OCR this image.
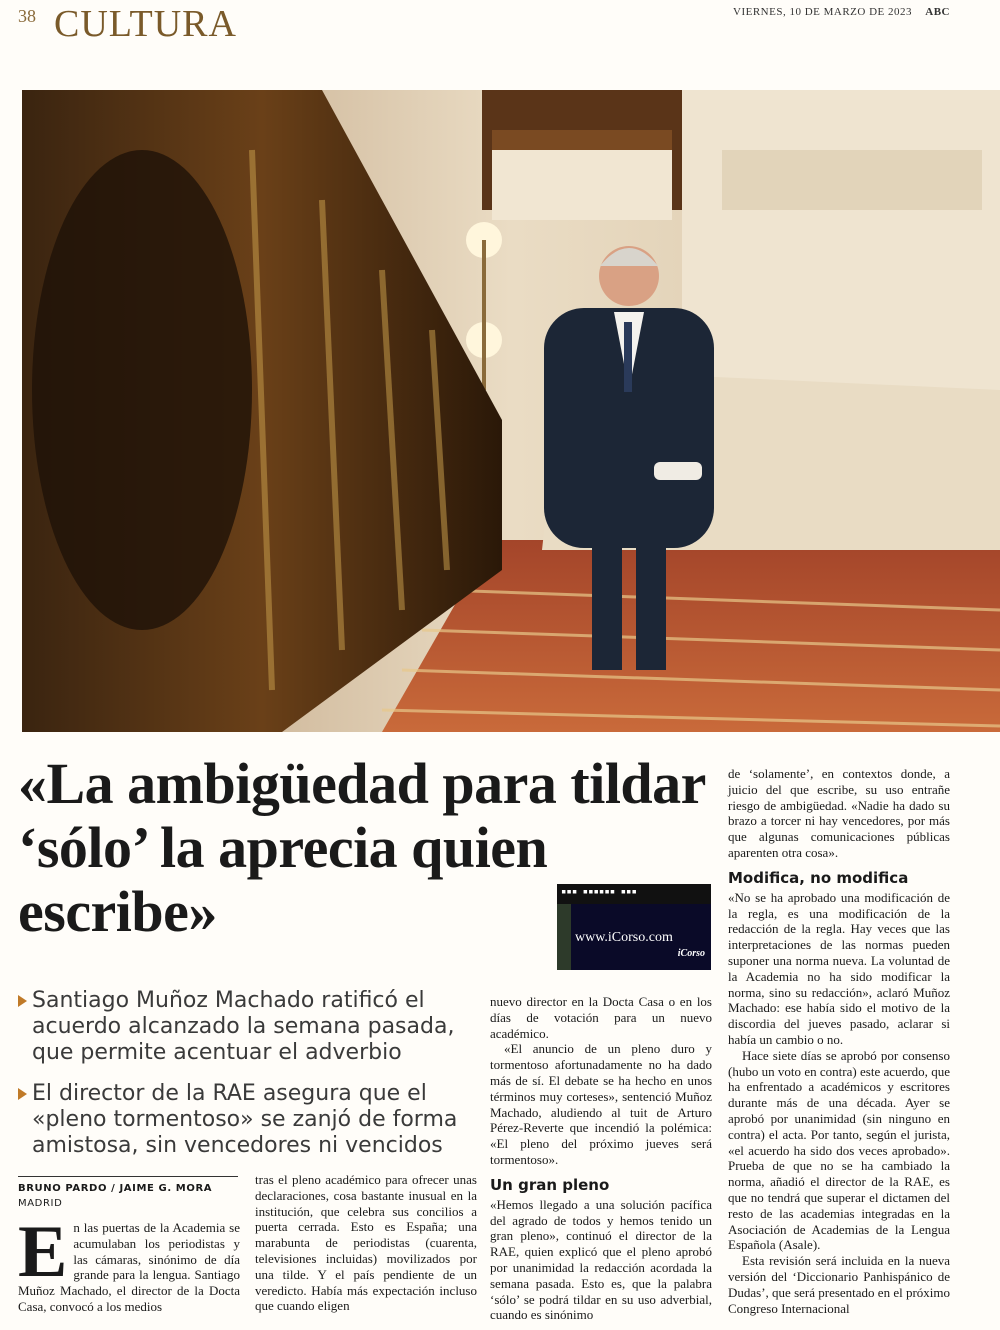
38 CULTURA	VIERNES, 10 DE MARZO DE 2023 ABC
«La ambigüedad para tildar ‘sólo’ la aprecia quien escribe»	▪▪▪ ▪▪▪▪▪▪ ▪▪▪
www.iCorso.com
iCorso
Santiago Muñoz Machado ratificó el acuerdo alcanzado la semana pasada, que permite acentuar el adverbio
El director de la RAE asegura que el «pleno tormentoso» se zanjó de forma amistosa, sin vencedores ni vencidos
BRUNO PARDO / JAIME G. MORA
MADRID

E n las puertas de la Academia se acumulaban los periodistas y las cámaras, sinónimo de día grande para la lengua. Santiago Muñoz Machado, el director de la Docta Casa, convocó a los medios

tras el pleno académico para ofrecer unas declaraciones, cosa bastante inusual en la institución, que celebra sus concilios a puerta cerrada. Esto es España; una marabunta de periodistas (cuarenta, televisiones incluidas) movilizados por una tilde. Y el país pendiente de un veredicto. Había más expectación incluso que cuando eligen

nuevo director en la Docta Casa o en los días de votación para un nuevo académico.

«El anuncio de un pleno duro y tormentoso afortunadamente no ha dado más de sí. El debate se ha hecho en unos términos muy corteses», sentenció Muñoz Machado, aludiendo al tuit de Arturo Pérez-Reverte que incendió la polémica: «El pleno del próximo jueves será tormentoso».

Un gran pleno

«Hemos llegado a una solución pacífica del agrado de todos y hemos tenido un gran pleno», continuó el director de la RAE, quien explicó que el pleno aprobó por unanimidad la redacción acordada la semana pasada. Esto es, que la palabra ‘sólo’ se podrá tildar en su uso adverbial, cuando es sinónimo

de ‘solamente’, en contextos donde, a juicio del que escribe, su uso entrañe riesgo de ambigüedad. «Nadie ha dado su brazo a torcer ni hay vencedores, por más que algunas comunicaciones públicas aparenten otra cosa».

Modifica, no modifica

«No se ha aprobado una modificación de la regla, es una modificación de la redacción de la regla. Hay veces que las interpretaciones de las normas pueden suponer una norma nueva. La voluntad de la Academia no ha sido modificar la norma, sino su redacción», aclaró Muñoz Machado: ese había sido el motivo de la discordia del jueves pasado, aclarar si había un cambio o no.

Hace siete días se aprobó por consenso (hubo un voto en contra) este acuerdo, que ha enfrentado a académicos y escritores durante más de una década. Ayer se aprobó por unanimidad (sin ninguno en contra) el acta. Por tanto, según el jurista, «el acuerdo ha sido dos veces aprobado». Prueba de que no se ha cambiado la norma, añadió el director de la RAE, es que no tendrá que superar el dictamen del resto de las academias integradas en la Asociación de Academias de la Lengua Española (Asale).

Esta revisión será incluida en la nueva versión del ‘Diccionario Panhispánico de Dudas’, que será presentado en el próximo Congreso Internacional
